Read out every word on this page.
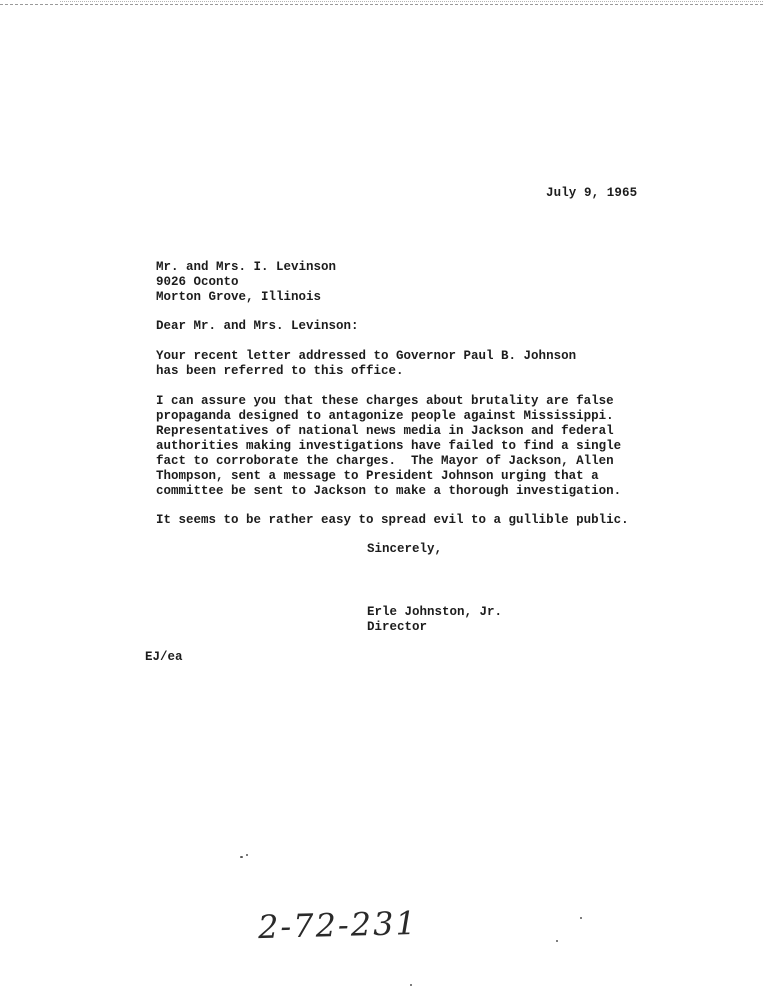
July 9, 1965
Mr. and Mrs. I. Levinson
9026 Oconto
Morton Grove, Illinois
Dear Mr. and Mrs. Levinson:
Your recent letter addressed to Governor Paul B. Johnson
has been referred to this office.
I can assure you that these charges about brutality are false
propaganda designed to antagonize people against Mississippi.
Representatives of national news media in Jackson and federal
authorities making investigations have failed to find a single
fact to corroborate the charges.  The Mayor of Jackson, Allen
Thompson, sent a message to President Johnson urging that a
committee be sent to Jackson to make a thorough investigation.
It seems to be rather easy to spread evil to a gullible public.
Sincerely,
Erle Johnston, Jr.
Director
EJ/ea
2-72-231
